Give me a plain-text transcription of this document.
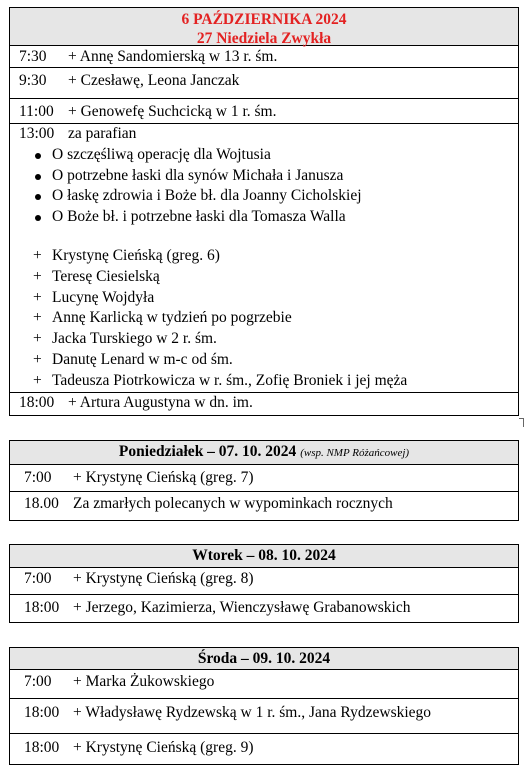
6 PAŹDZIERNIKA 2024
27 Niedziela Zwykła
7:30 + Annę Sandomierską w 13 r. śm.
9:30 + Czesławę, Leona Janczak
11:00 + Genowefę Suchcicką w 1 r. śm.
13:00 za parafian
O szczęśliwą operację dla Wojtusia
O potrzebne łaski dla synów Michała i Janusza
O łaskę zdrowia i Boże bł. dla Joanny Cicholskiej
O Boże bł. i potrzebne łaski dla Tomasza Walla
+ Krystynę Cieńską (greg. 6)
+ Teresę Ciesielską
+ Lucynę Wojdyła
+ Annę Karlicką w tydzień po pogrzebie
+ Jacka Turskiego w 2 r. śm.
+ Danutę Lenard w m-c od śm.
+ Tadeusza Piotrkowicza w r. śm., Zofię Broniek i jej męża
18:00 + Artura Augustyna w dn. im.
Poniedziałek – 07. 10. 2024 (wsp. NMP Różańcowej)
7:00 + Krystynę Cieńską (greg. 7)
18.00 Za zmarłych polecanych w wypominkach rocznych
Wtorek – 08. 10. 2024
7:00 + Krystynę Cieńską (greg. 8)
18:00 + Jerzego, Kazimierza, Wienczysławę Grabanowskich
Środa – 09. 10. 2024
7:00 + Marka Żukowskiego
18:00 + Władysławę Rydzewską w 1 r. śm., Jana Rydzewskiego
18:00 + Krystynę Cieńską (greg. 9)
